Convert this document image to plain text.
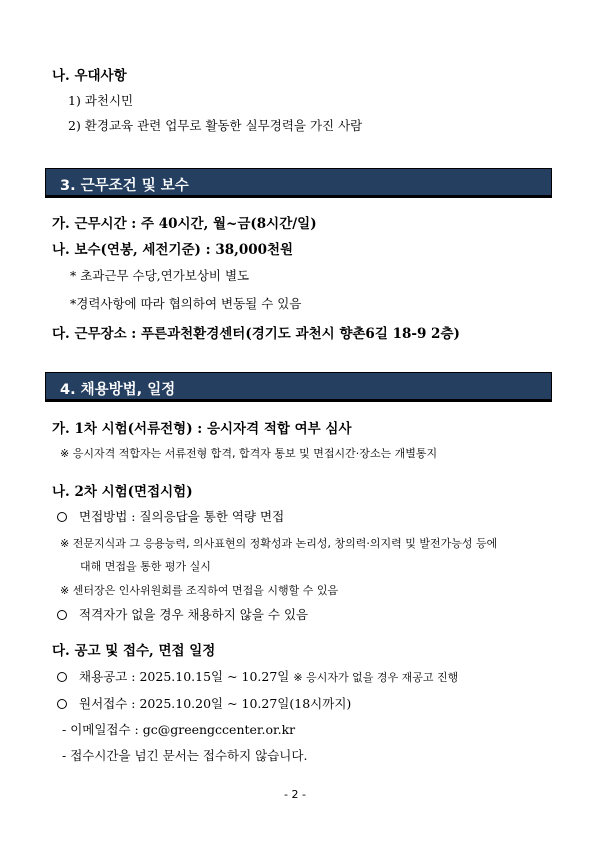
나. 우대사항
1) 과천시민
2) 환경교육 관련 업무로 활동한 실무경력을 가진 사람
3. 근무조건 및 보수
가. 근무시간 : 주 40시간, 월~금(8시간/일)
나. 보수(연봉, 세전기준) : 38,000천원
* 초과근무 수당,연가보상비 별도
*경력사항에 따라 협의하여 변동될 수 있음
다. 근무장소 : 푸른과천환경센터(경기도 과천시 향촌6길 18-9 2층)
4. 채용방법, 일정
가. 1차 시험(서류전형) : 응시자격 적합 여부 심사
※ 응시자격 적합자는 서류전형 합격, 합격자 통보 및 면접시간·장소는 개별통지
나. 2차 시험(면접시험)
면접방법 : 질의응답을 통한 역량 면접
※ 전문지식과 그 응용능력, 의사표현의 정확성과 논리성, 창의력·의지력 및 발전가능성 등에
대해 면접을 통한 평가 실시
※ 센터장은 인사위원회를 조직하여 면접을 시행할 수 있음
적격자가 없을 경우 채용하지 않을 수 있음
다. 공고 및 접수, 면접 일정
채용공고 : 2025.10.15일 ~ 10.27일 ※ 응시자가 없을 경우 재공고 진행
원서접수 : 2025.10.20일 ~ 10.27일(18시까지)
- 이메일접수 : gc@greengccenter.or.kr
- 접수시간을 넘긴 문서는 접수하지 않습니다.
- 2 -
